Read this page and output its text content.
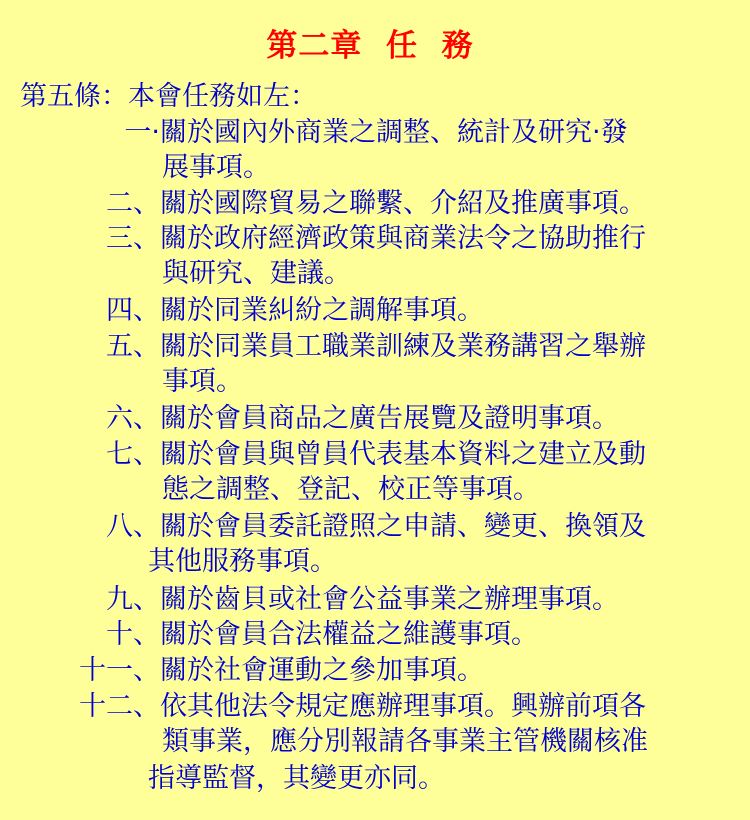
第二章  任  務
第五條：本會任務如左：
一‧ 關於國內外商業之調整、統計及研究‧發
展事項。
二、 關於國際貿易之聯繫、介紹及推廣事項。
三、 關於政府經濟政策與商業法令之協助推行
與研究、建議。
四、 關於同業糾紛之調解事項。
五、 關於同業員工職業訓練及業務講習之舉辦
事項。
六、 關於會員商品之廣告展覽及證明事項。
七、 關於會員與曾員代表基本資料之建立及動
態之調整、登記、校正等事項。
八、 關於會員委託證照之申請、變更、換領及
其他服務事項。
九、 關於齒貝或社會公益事業之辦理事項。
十、 關於會員合法權益之維護事項。
十一、 關於社會運動之參加事項。
十二、 依其他法令規定應辦理事項。興辦前項各
類事業，應分別報請各事業主管機關核准
指導監督，其變更亦同。
